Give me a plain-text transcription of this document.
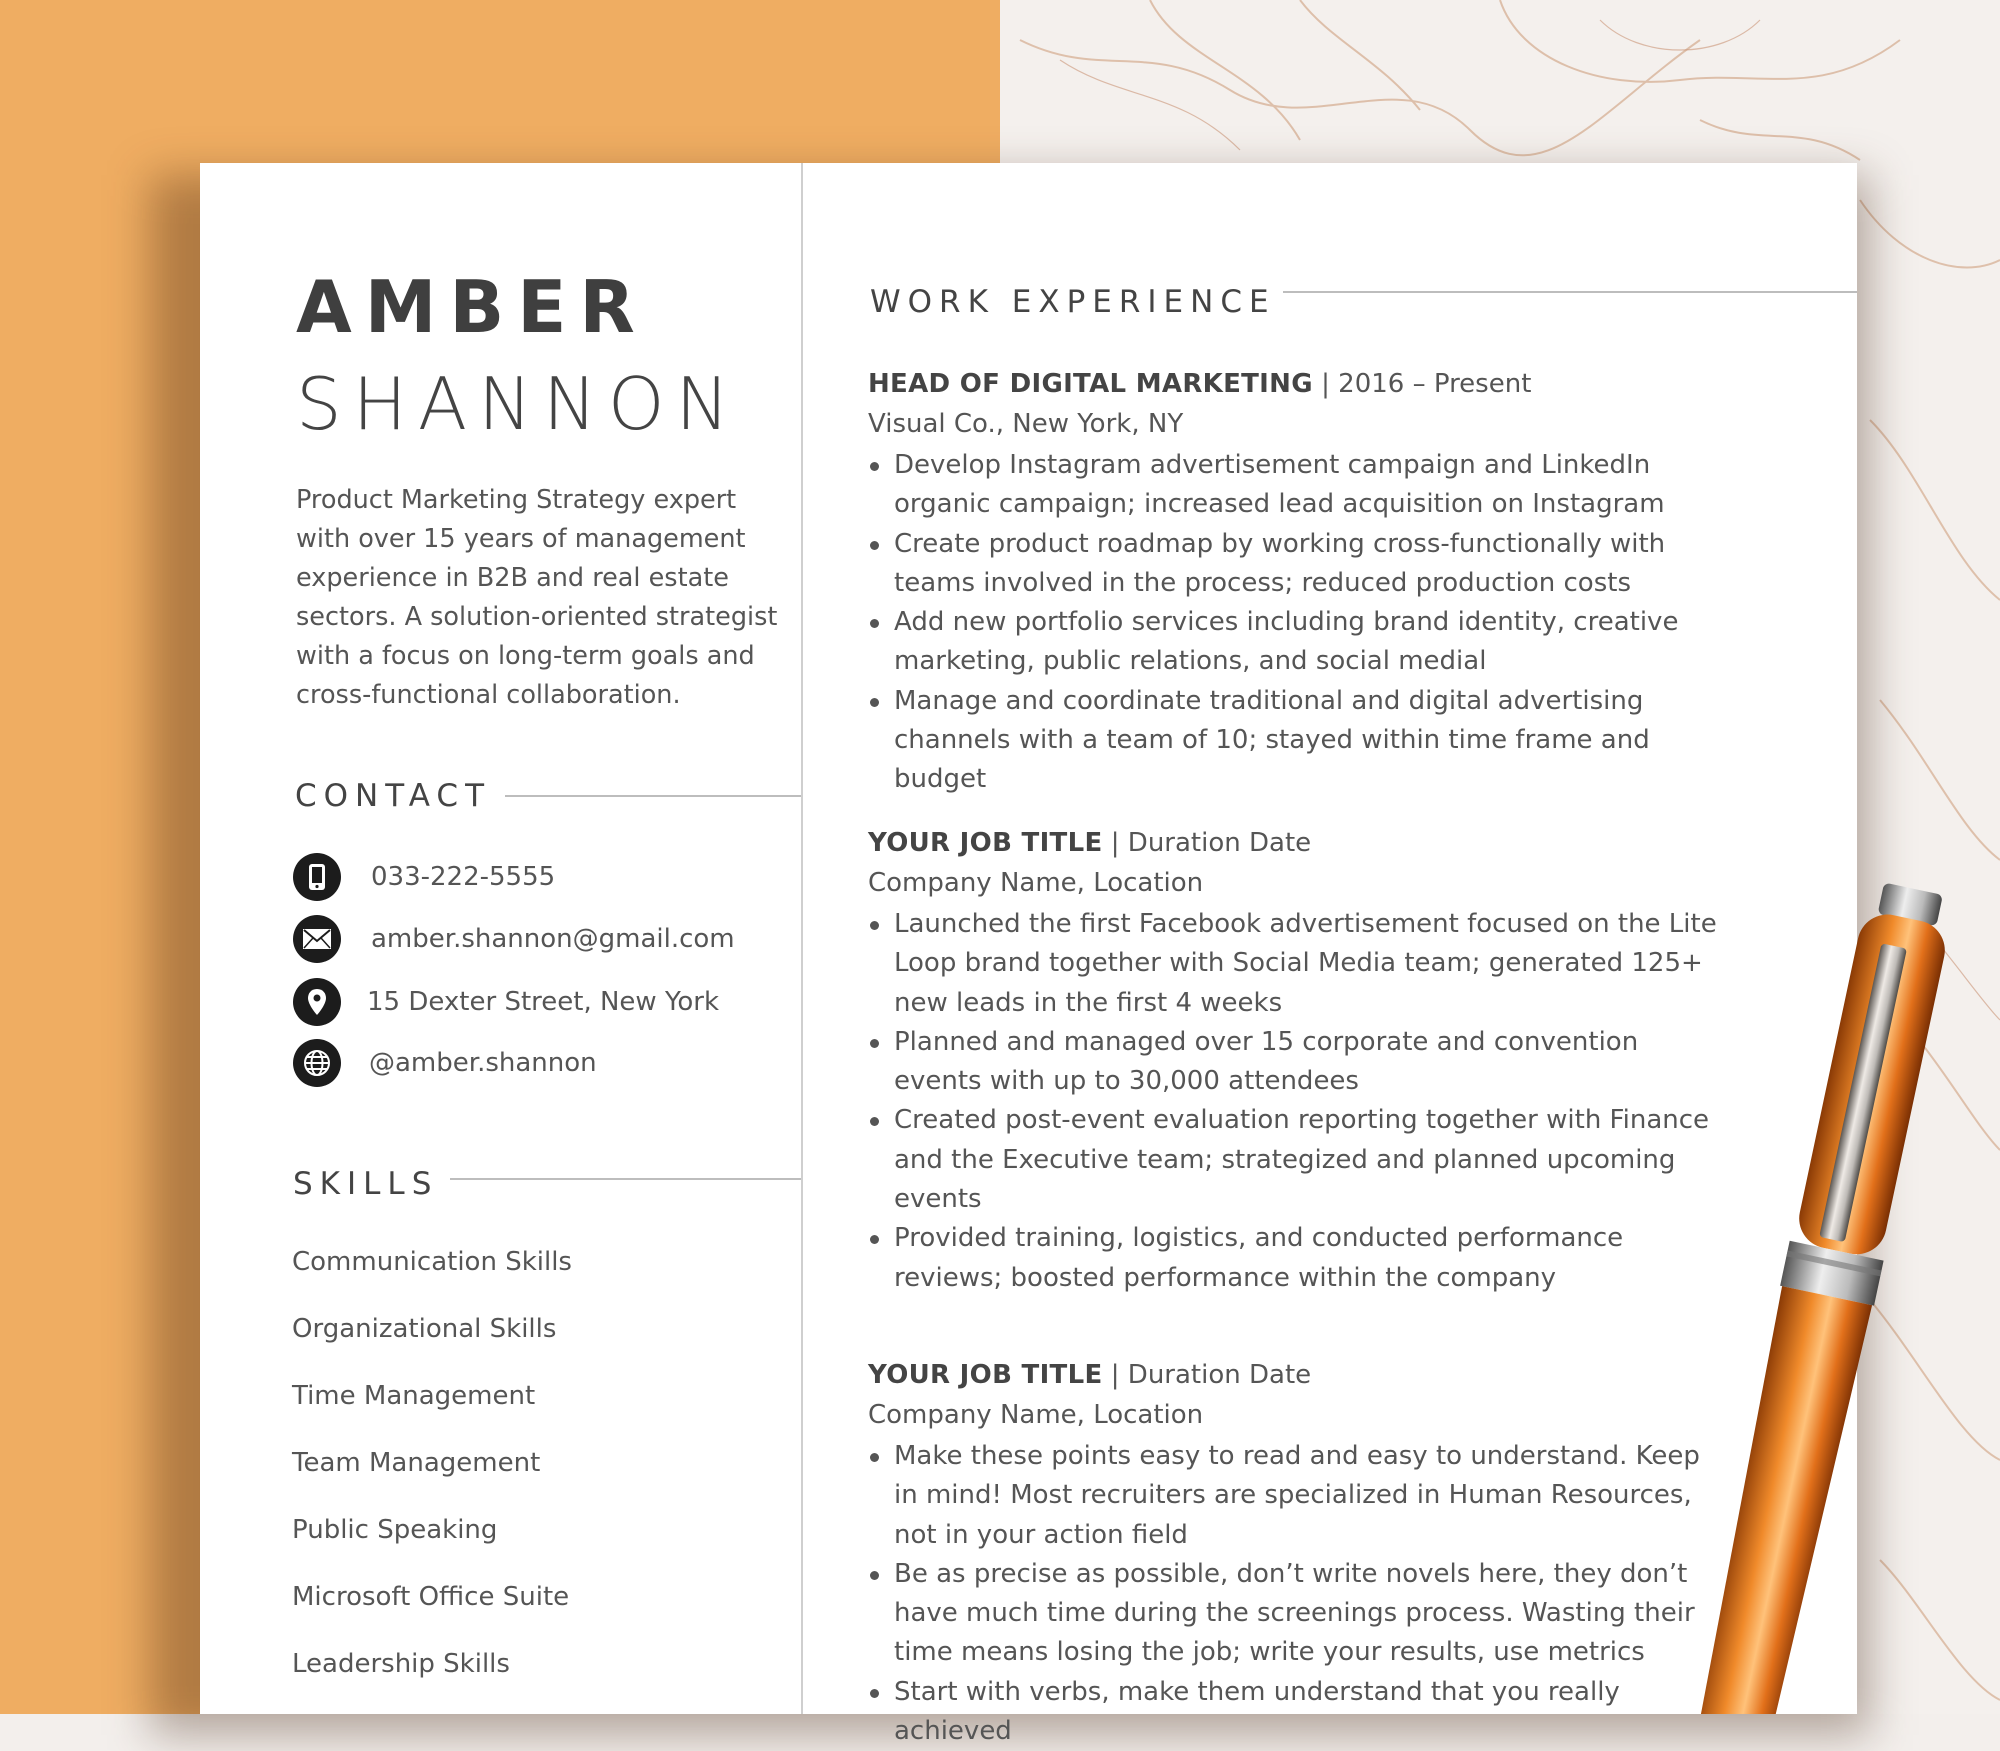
AMBER
SHANNON
Product Marketing Strategy expert with over 15 years of management experience in B2B and real estate sectors. A solution-oriented strategist with a focus on long-term goals and cross-functional collaboration.
CONTACT
033-222-5555
amber.shannon@gmail.com
15 Dexter Street, New York
@amber.shannon
SKILLS
Communication Skills
Organizational Skills
Time Management
Team Management
Public Speaking
Microsoft Office Suite
Leadership Skills
WORK EXPERIENCE
HEAD OF DIGITAL MARKETING | 2016 – Present
Visual Co., New York, NY
Develop Instagram advertisement campaign and LinkedIn organic campaign; increased lead acquisition on Instagram
Create product roadmap by working cross-functionally with teams involved in the process; reduced production costs
Add new portfolio services including brand identity, creative marketing, public relations, and social medial
Manage and coordinate traditional and digital advertising channels with a team of 10; stayed within time frame and budget
YOUR JOB TITLE | Duration Date
Company Name, Location
Launched the first Facebook advertisement focused on the Lite Loop brand together with Social Media team; generated 125+ new leads in the first 4 weeks
Planned and managed over 15 corporate and convention events with up to 30,000 attendees
Created post-event evaluation reporting together with Finance and the Executive team; strategized and planned upcoming events
Provided training, logistics, and conducted performance reviews; boosted performance within the company
YOUR JOB TITLE | Duration Date
Company Name, Location
Make these points easy to read and easy to understand. Keep in mind! Most recruiters are specialized in Human Resources, not in your action field
Be as precise as possible, don’t write novels here, they don’t have much time during the screenings process. Wasting their time means losing the job; write your results, use metrics
Start with verbs, make them understand that you really achieved
